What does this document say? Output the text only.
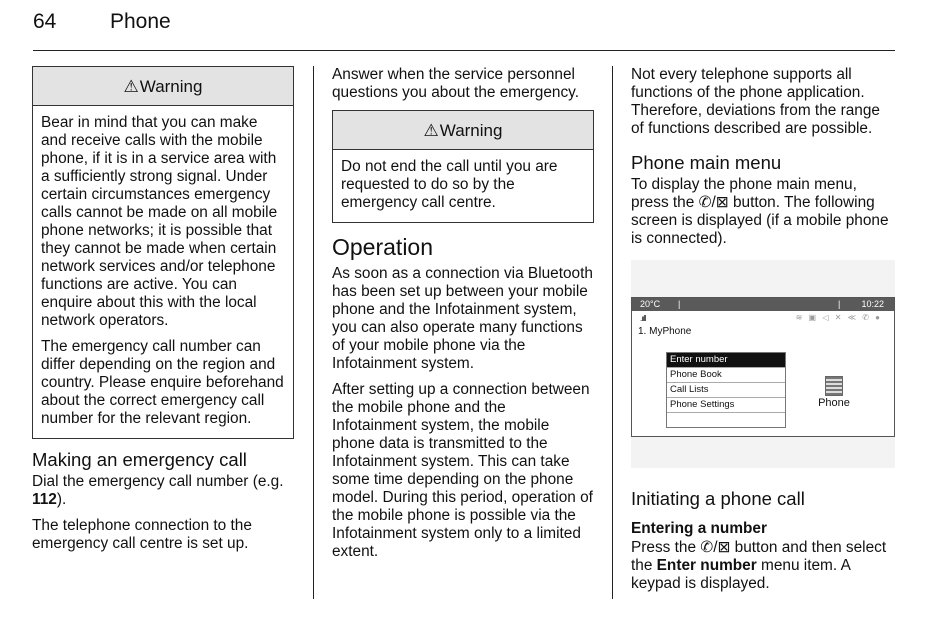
64	Phone
⚠Warning

Bear in mind that you can make and receive calls with the mobile phone, if it is in a service area with a sufficiently strong signal. Under certain circumstances emergency calls cannot be made on all mobile phone networks; it is possible that they cannot be made when certain network services and/or telephone functions are active. You can enquire about this with the local network operators.

The emergency call number can differ depending on the region and country. Please enquire beforehand about the correct emergency call number for the relevant region.

Making an emergency call

Dial the emergency call number (e.g. 112).

The telephone connection to the emergency call centre is set up.

Answer when the service personnel questions you about the emergency.

⚠Warning

Do not end the call until you are requested to do so by the emergency call centre.

Operation

As soon as a connection via Bluetooth has been set up between your mobile phone and the Infotainment system, you can also operate many functions of your mobile phone via the Infotainment system.

After setting up a connection between the mobile phone and the Infotainment system, the mobile phone data is transmitted to the Infotainment system. This can take some time depending on the phone model. During this period, operation of the mobile phone is possible via the Infotainment system only to a limited extent.

Not every telephone supports all functions of the phone application. Therefore, deviations from the range of functions described are possible.

Phone main menu

To display the phone main menu, press the ✆/⊠ button. The following screen is displayed (if a mobile phone is connected).

20°C |	| 10:22
.ııll	≋ ▣ ◁ ✕ ≪ ✆ ●
1. MyPhone
Enter number
Phone Book
Call Lists
Phone Settings	Phone
Initiating a phone call
Entering a number

Press the ✆/⊠ button and then select the Enter number menu item. A keypad is displayed.
